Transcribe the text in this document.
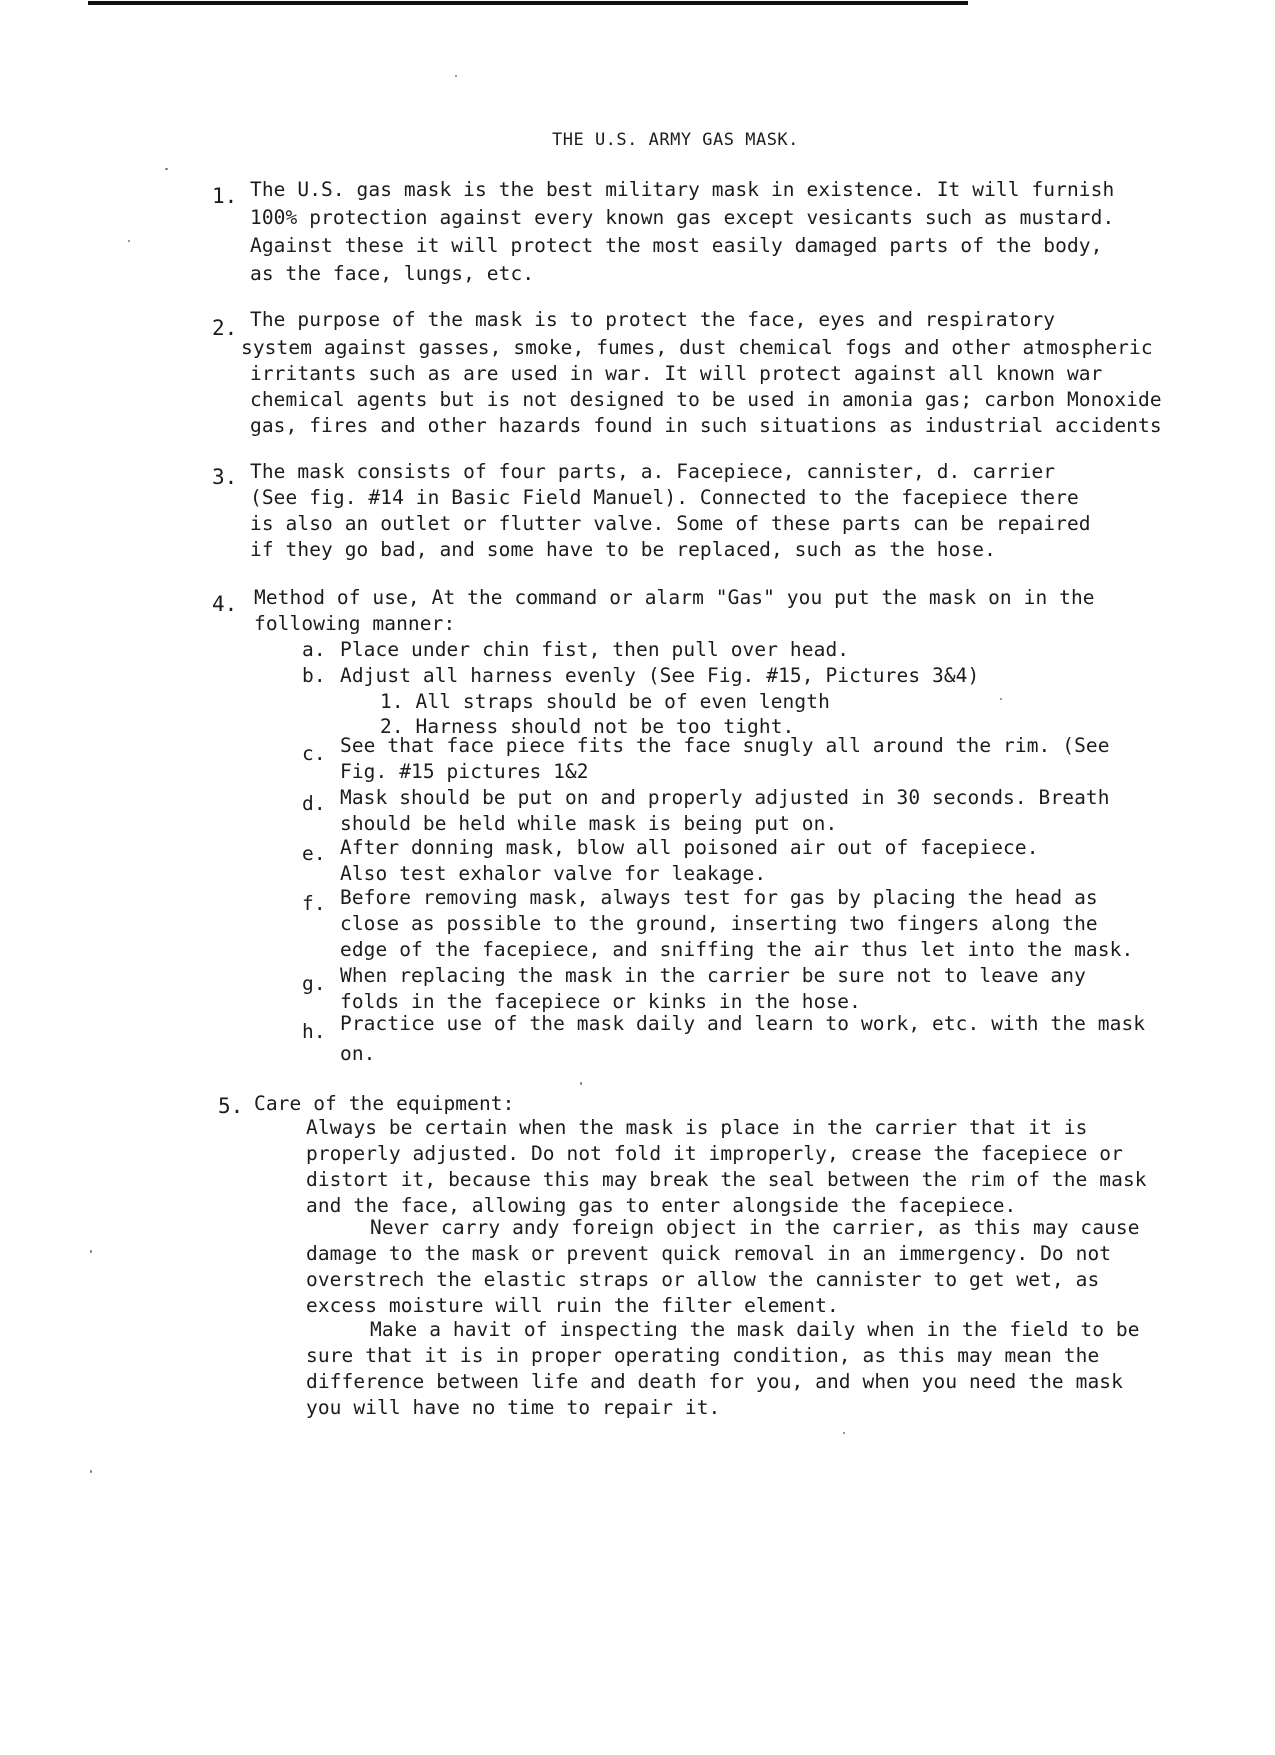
THE U.S. ARMY GAS MASK.
1. The U.S. gas mask is the best military mask in existence. It will furnish
100% protection against every known gas except vesicants such as mustard.
Against these it will protect the most easily damaged parts of the body,
as the face, lungs, etc.
2. The purpose of the mask is to protect the face, eyes and respiratory
system against gasses, smoke, fumes, dust chemical fogs and other atmospheric
irritants such as are used in war. It will protect against all known war
chemical agents but is not designed to be used in amonia gas; carbon Monoxide
gas, fires and other hazards found in such situations as industrial accidents
3. The mask consists of four parts, a. Facepiece, cannister, d. carrier
(See fig. #14 in Basic Field Manuel). Connected to the facepiece there
is also an outlet or flutter valve. Some of these parts can be repaired
if they go bad, and some have to be replaced, such as the hose.
4. Method of use, At the command or alarm "Gas" you put the mask on in the
following manner:
a. Place under chin fist, then pull over head.
b. Adjust all harness evenly (See Fig. #15, Pictures 3&4)
1. All straps should be of even length
2. Harness should not be too tight.
c. See that face piece fits the face snugly all around the rim. (See
Fig. #15 pictures 1&2
d. Mask should be put on and properly adjusted in 30 seconds. Breath
should be held while mask is being put on.
e. After donning mask, blow all poisoned air out of facepiece.
Also test exhalor valve for leakage.
f. Before removing mask, always test for gas by placing the head as
close as possible to the ground, inserting two fingers along the
edge of the facepiece, and sniffing the air thus let into the mask.
g. When replacing the mask in the carrier be sure not to leave any
folds in the facepiece or kinks in the hose.
h. Practice use of the mask daily and learn to work, etc. with the mask
on.
5. Care of the equipment:
Always be certain when the mask is place in the carrier that it is
properly adjusted. Do not fold it improperly, crease the facepiece or
distort it, because this may break the seal between the rim of the mask
and the face, allowing gas to enter alongside the facepiece.
Never carry andy foreign object in the carrier, as this may cause
damage to the mask or prevent quick removal in an immergency. Do not
overstrech the elastic straps or allow the cannister to get wet, as
excess moisture will ruin the filter element.
Make a havit of inspecting the mask daily when in the field to be
sure that it is in proper operating condition, as this may mean the
difference between life and death for you, and when you need the mask
you will have no time to repair it.
